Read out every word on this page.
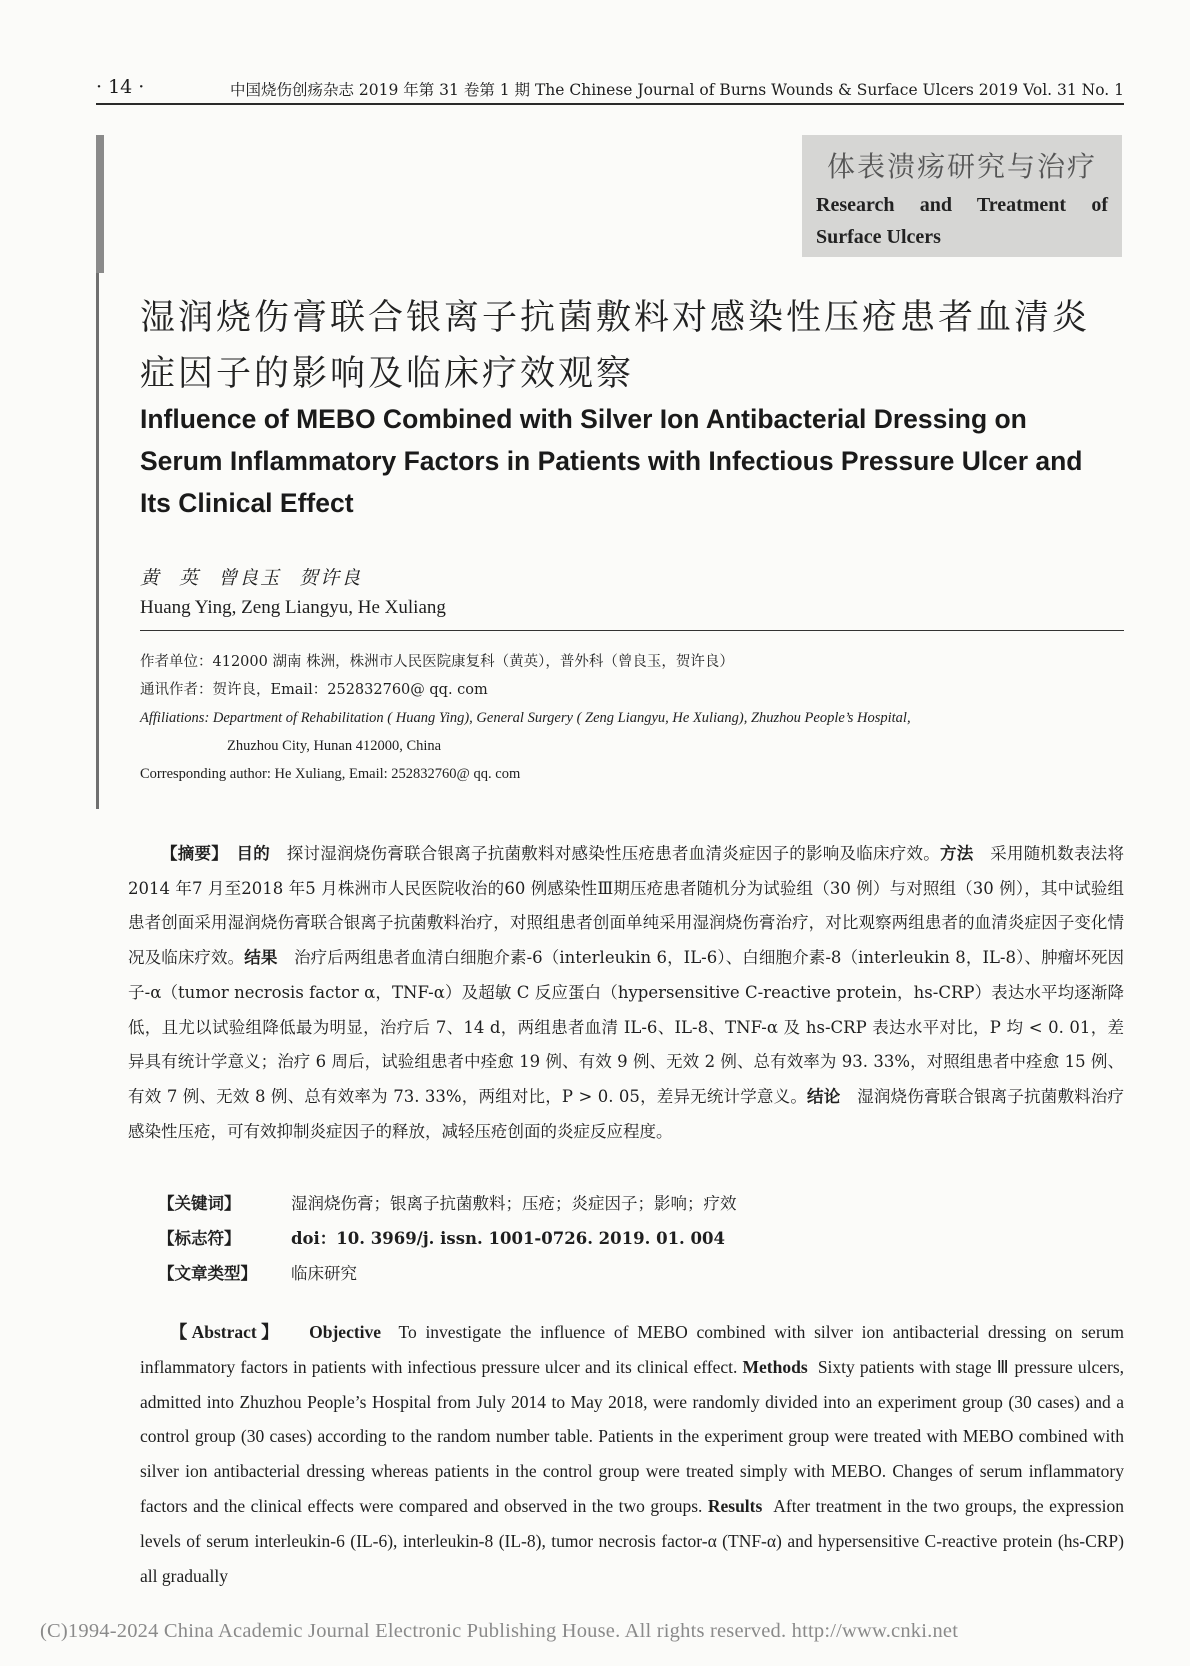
· 14 ·	中国烧伤创疡杂志 2019 年第 31 卷第 1 期 The Chinese Journal of Burns Wounds & Surface Ulcers 2019 Vol. 31 No. 1
体表溃疡研究与治疗
Research and Treatment of Surface Ulcers
湿润烧伤膏联合银离子抗菌敷料对感染性压疮患者血清炎症因子的影响及临床疗效观察
Influence of MEBO Combined with Silver Ion Antibacterial Dressing on Serum Inflammatory Factors in Patients with Infectious Pressure Ulcer and Its Clinical Effect
黄 英 曾良玉 贺许良
Huang Ying, Zeng Liangyu, He Xuliang
作者单位：412000 湖南 株洲，株洲市人民医院康复科（黄英），普外科（曾良玉，贺许良）
通讯作者：贺许良，Email：252832760@ qq. com
Affiliations: Department of Rehabilitation ( Huang Ying), General Surgery ( Zeng Liangyu, He Xuliang), Zhuzhou People’s Hospital,
Zhuzhou City, Hunan 412000, China
Corresponding author: He Xuliang, Email: 252832760@ qq. com
【摘要】　 目的　 探讨湿润烧伤膏联合银离子抗菌敷料对感染性压疮患者血清炎症因子的影响及临床疗效。方法　 采用随机数表法将2014 年7 月至2018 年5 月株洲市人民医院收治的60 例感染性Ⅲ期压疮患者随机分为试验组（30 例）与对照组（30 例），其中试验组患者创面采用湿润烧伤膏联合银离子抗菌敷料治疗，对照组患者创面单纯采用湿润烧伤膏治疗，对比观察两组患者的血清炎症因子变化情况及临床疗效。结果　 治疗后两组患者血清白细胞介素-6（interleukin 6，IL-6）、白细胞介素-8（interleukin 8，IL-8）、肿瘤坏死因子-α（tumor necrosis factor α，TNF-α）及超敏 C 反应蛋白（hypersensitive C-reactive protein，hs-CRP）表达水平均逐渐降低，且尤以试验组降低最为明显，治疗后 7、14 d，两组患者血清 IL-6、IL-8、TNF-α 及 hs-CRP 表达水平对比，P 均 < 0. 01，差异具有统计学意义；治疗 6 周后，试验组患者中痊愈 19 例、有效 9 例、无效 2 例、总有效率为 93. 33%，对照组患者中痊愈 15 例、有效 7 例、无效 8 例、总有效率为 73. 33%，两组对比，P > 0. 05，差异无统计学意义。结论　 湿润烧伤膏联合银离子抗菌敷料治疗感染性压疮，可有效抑制炎症因子的释放，减轻压疮创面的炎症反应程度。
【关键词】	湿润烧伤膏；银离子抗菌敷料；压疮；炎症因子；影响；疗效
【标志符】	doi：10. 3969/j. issn. 1001-0726. 2019. 01. 004
【文章类型】 临床研究
【Abstract】 Objective To investigate the influence of MEBO combined with silver ion antibacterial dressing on serum inflammatory factors in patients with infectious pressure ulcer and its clinical effect. Methods Sixty patients with stage Ⅲ pressure ulcers, admitted into Zhuzhou People’s Hospital from July 2014 to May 2018, were randomly divided into an experiment group (30 cases) and a control group (30 cases) according to the random number table. Patients in the experiment group were treated with MEBO combined with silver ion antibacterial dressing whereas patients in the control group were treated simply with MEBO. Changes of serum inflammatory factors and the clinical effects were compared and observed in the two groups. Results After treatment in the two groups, the expression levels of serum interleukin-6 (IL-6), interleukin-8 (IL-8), tumor necrosis factor-α (TNF-α) and hypersensitive C-reactive protein (hs-CRP) all gradually
(C)1994-2024 China Academic Journal Electronic Publishing House. All rights reserved. http://www.cnki.net
